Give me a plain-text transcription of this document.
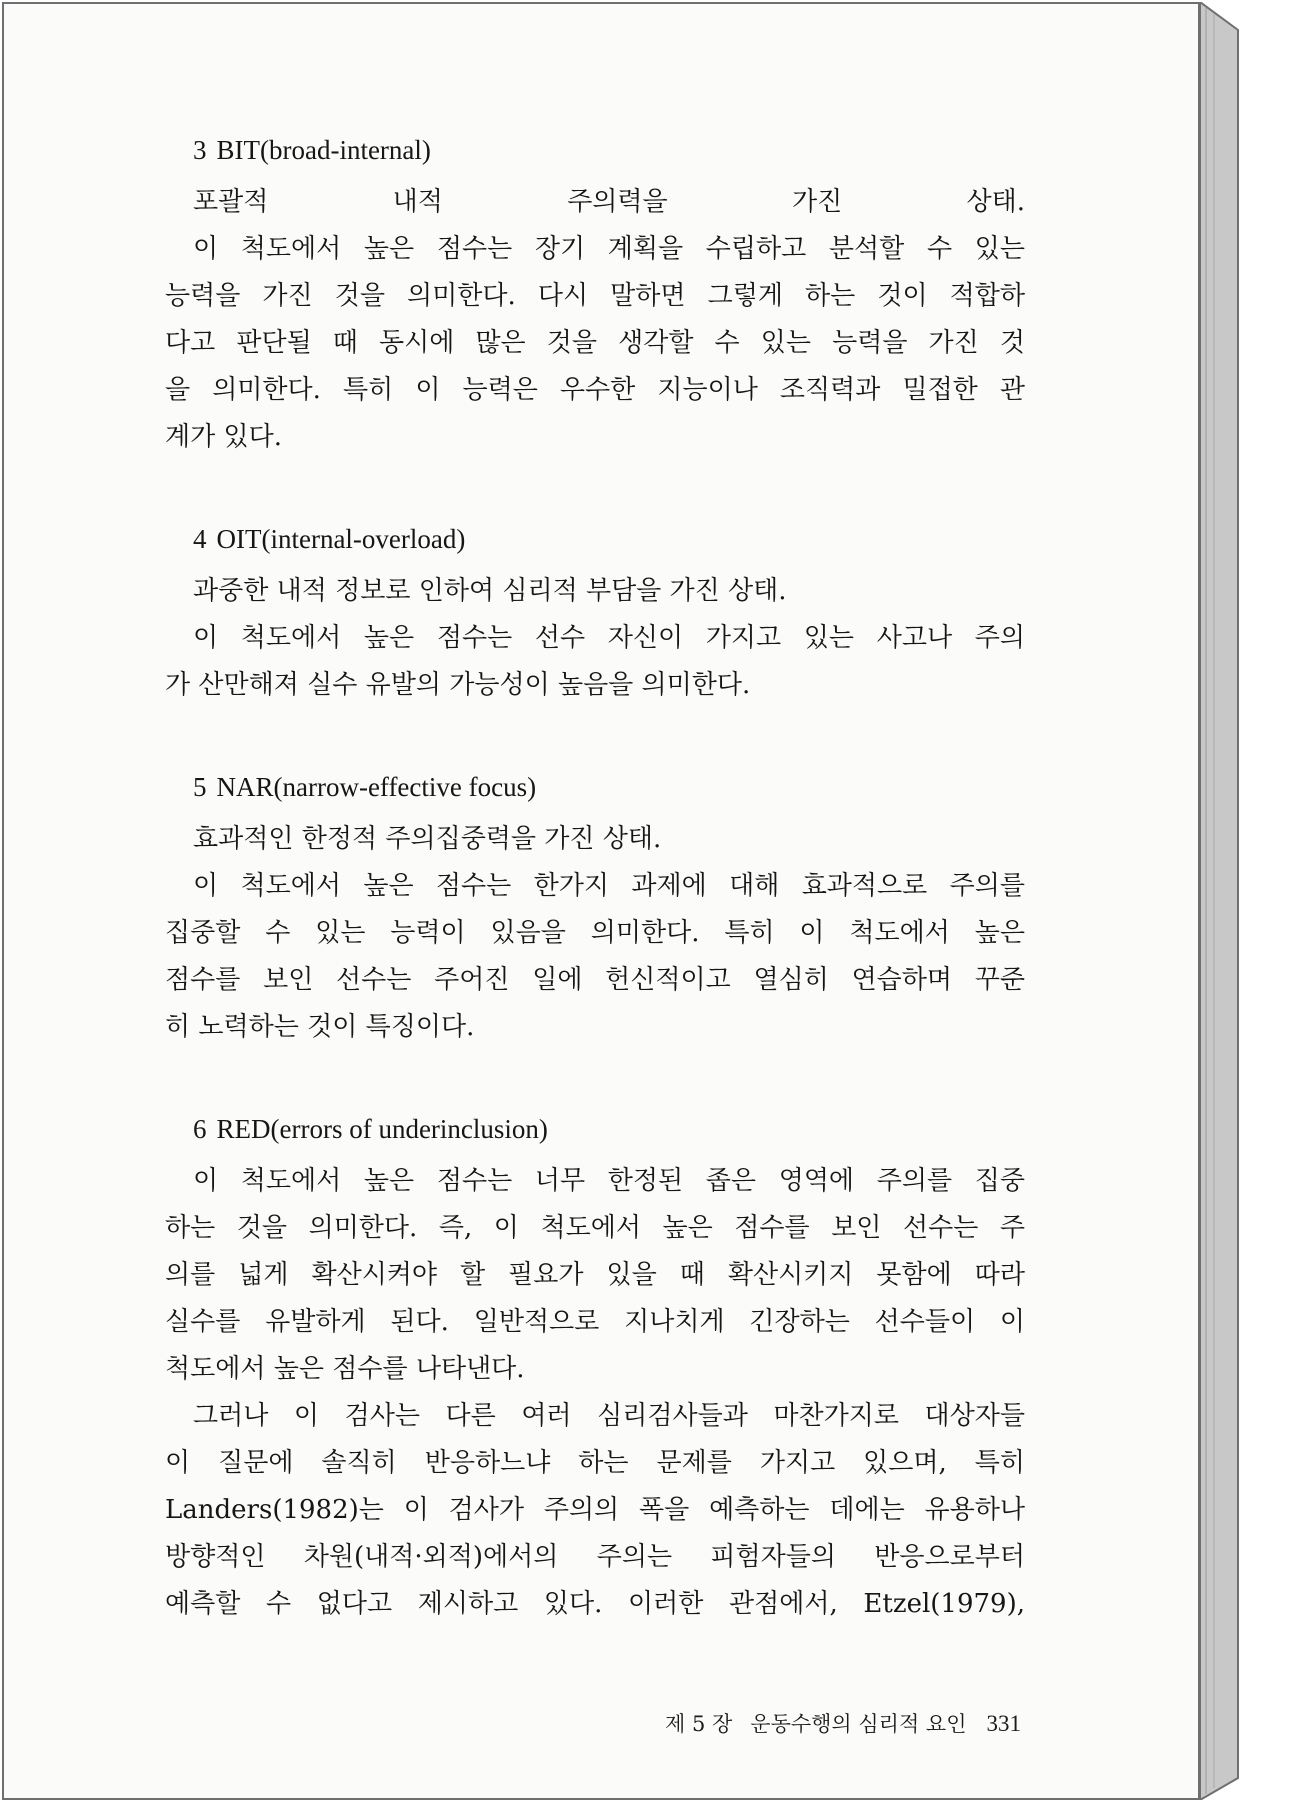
3 BIT(broad-internal)
포괄적 내적 주의력을 가진 상태.
이 척도에서 높은 점수는 장기 계획을 수립하고 분석할 수 있는
능력을 가진 것을 의미한다. 다시 말하면 그렇게 하는 것이 적합하
다고 판단될 때 동시에 많은 것을 생각할 수 있는 능력을 가진 것
을 의미한다. 특히 이 능력은 우수한 지능이나 조직력과 밀접한 관
계가 있다.
4 OIT(internal-overload)
과중한 내적 정보로 인하여 심리적 부담을 가진 상태.
이 척도에서 높은 점수는 선수 자신이 가지고 있는 사고나 주의
가 산만해져 실수 유발의 가능성이 높음을 의미한다.
5 NAR(narrow-effective focus)
효과적인 한정적 주의집중력을 가진 상태.
이 척도에서 높은 점수는 한가지 과제에 대해 효과적으로 주의를
집중할 수 있는 능력이 있음을 의미한다. 특히 이 척도에서 높은
점수를 보인 선수는 주어진 일에 헌신적이고 열심히 연습하며 꾸준
히 노력하는 것이 특징이다.
6 RED(errors of underinclusion)
이 척도에서 높은 점수는 너무 한정된 좁은 영역에 주의를 집중
하는 것을 의미한다. 즉, 이 척도에서 높은 점수를 보인 선수는 주
의를 넓게 확산시켜야 할 필요가 있을 때 확산시키지 못함에 따라
실수를 유발하게 된다. 일반적으로 지나치게 긴장하는 선수들이 이
척도에서 높은 점수를 나타낸다.
그러나 이 검사는 다른 여러 심리검사들과 마찬가지로 대상자들
이 질문에 솔직히 반응하느냐 하는 문제를 가지고 있으며, 특히
Landers(1982)는 이 검사가 주의의 폭을 예측하는 데에는 유용하나
방향적인 차원(내적·외적)에서의 주의는 피험자들의 반응으로부터
예측할 수 없다고 제시하고 있다. 이러한 관점에서, Etzel(1979),
제 5 장 운동수행의 심리적 요인 331
